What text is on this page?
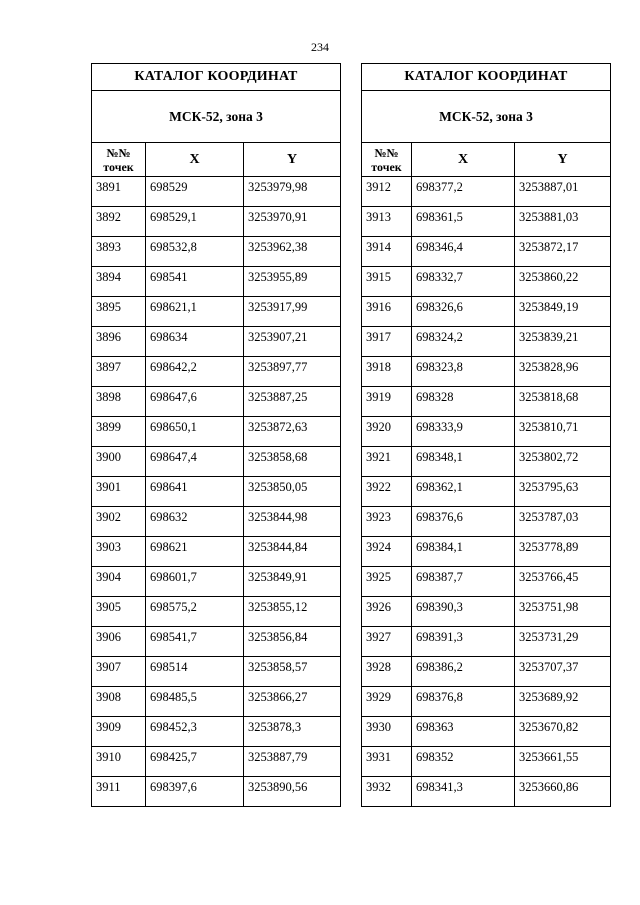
234
КАТАЛОГ КООРДИНАТ		
МСК-52, зона 3		

№№
точек	X	Y
3891	698529	3253979,98
3892	698529,1	3253970,91
3893	698532,8	3253962,38
3894	698541	3253955,89
3895	698621,1	3253917,99
3896	698634	3253907,21
3897	698642,2	3253897,77
3898	698647,6	3253887,25
3899	698650,1	3253872,63
3900	698647,4	3253858,68
3901	698641	3253850,05
3902	698632	3253844,98
3903	698621	3253844,84
3904	698601,7	3253849,91
3905	698575,2	3253855,12
3906	698541,7	3253856,84
3907	698514	3253858,57
3908	698485,5	3253866,27
3909	698452,3	3253878,3
3910	698425,7	3253887,79
3911	698397,6	3253890,56
КАТАЛОГ КООРДИНАТ		
МСК-52, зона 3		

№№
точек	X	Y
3912	698377,2	3253887,01
3913	698361,5	3253881,03
3914	698346,4	3253872,17
3915	698332,7	3253860,22
3916	698326,6	3253849,19
3917	698324,2	3253839,21
3918	698323,8	3253828,96
3919	698328	3253818,68
3920	698333,9	3253810,71
3921	698348,1	3253802,72
3922	698362,1	3253795,63
3923	698376,6	3253787,03
3924	698384,1	3253778,89
3925	698387,7	3253766,45
3926	698390,3	3253751,98
3927	698391,3	3253731,29
3928	698386,2	3253707,37
3929	698376,8	3253689,92
3930	698363	3253670,82
3931	698352	3253661,55
3932	698341,3	3253660,86
